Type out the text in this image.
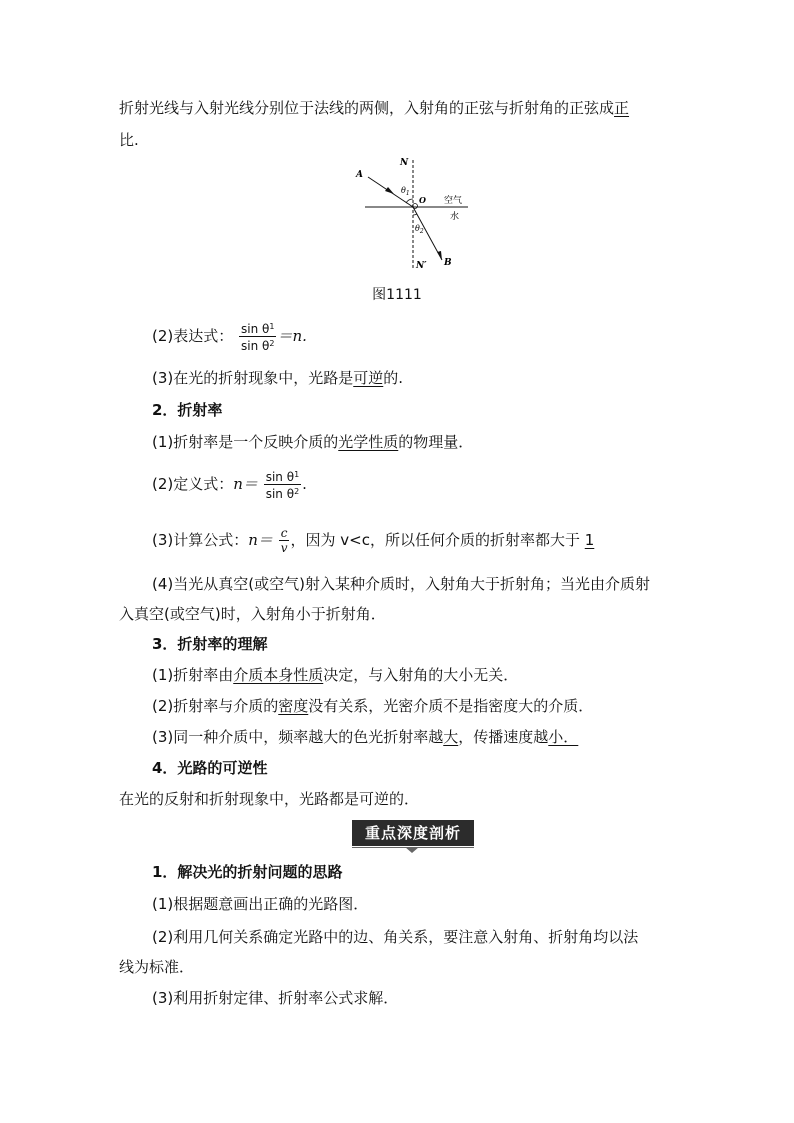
折射光线与入射光线分别位于法线的两侧，入射角的正弦与折射角的正弦成正
比.
N
A
$\theta_1$
O 空气
水
$\theta_2$
N′ B
图1111
(2)表达式： $\frac{\sin \theta^1}{\sin \theta^2} =n$.
(3)在光的折射现象中，光路是可逆的.
2．折射率
(1)折射率是一个反映介质的光学性质的物理量．
(2)定义式：$n= \frac{\sin \theta^1}{\sin \theta^2}$ .
(3)计算公式：$n= \frac{c}{v}$ ，因为 v<c，所以任何介质的折射率都大于 1
(4)当光从真空(或空气)射入某种介质时，入射角大于折射角；当光由介质射
入真空(或空气)时，入射角小于折射角．
3．折射率的理解
(1)折射率由介质本身性质决定，与入射角的大小无关．
(2)折射率与介质的密度没有关系，光密介质不是指密度大的介质．
(3)同一种介质中，频率越大的色光折射率越大，传播速度越小．
4．光路的可逆性
在光的反射和折射现象中，光路都是可逆的．
重点深度剖析
1．解决光的折射问题的思路
(1)根据题意画出正确的光路图．
(2)利用几何关系确定光路中的边、角关系，要注意入射角、折射角均以法
线为标准．
(3)利用折射定律、折射率公式求解．
